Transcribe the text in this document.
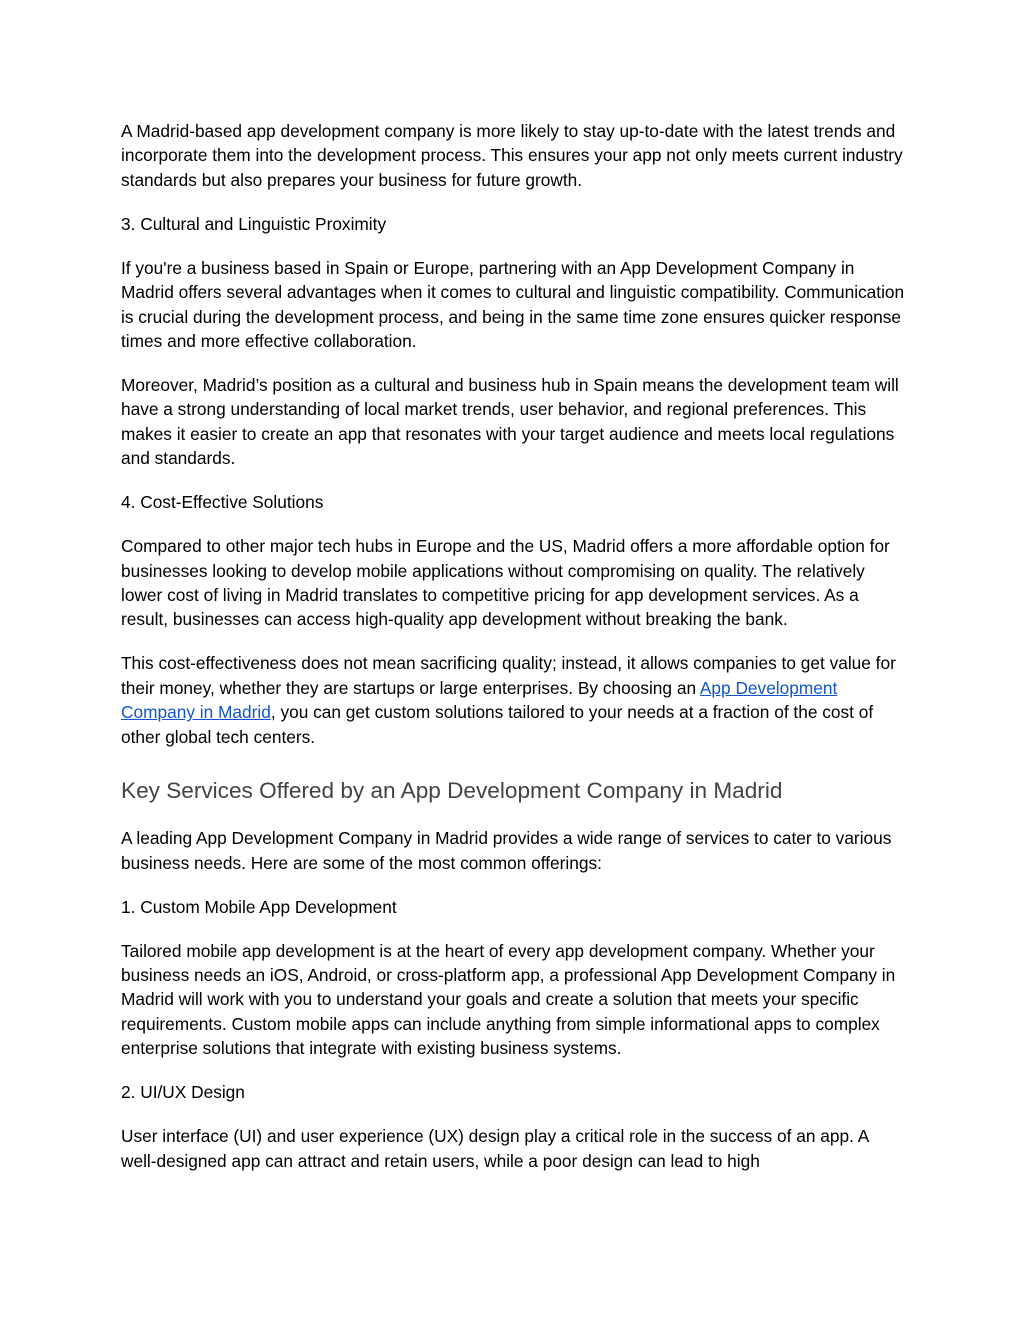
A Madrid-based app development company is more likely to stay up-to-date with the latest trends and incorporate them into the development process. This ensures your app not only meets current industry standards but also prepares your business for future growth.

3. Cultural and Linguistic Proximity

If you're a business based in Spain or Europe, partnering with an App Development Company in Madrid offers several advantages when it comes to cultural and linguistic compatibility. Communication is crucial during the development process, and being in the same time zone ensures quicker response times and more effective collaboration.

Moreover, Madrid’s position as a cultural and business hub in Spain means the development team will have a strong understanding of local market trends, user behavior, and regional preferences. This makes it easier to create an app that resonates with your target audience and meets local regulations and standards.

4. Cost-Effective Solutions

Compared to other major tech hubs in Europe and the US, Madrid offers a more affordable option for businesses looking to develop mobile applications without compromising on quality. The relatively lower cost of living in Madrid translates to competitive pricing for app development services. As a result, businesses can access high-quality app development without breaking the bank.

This cost-effectiveness does not mean sacrificing quality; instead, it allows companies to get value for their money, whether they are startups or large enterprises. By choosing an App Development Company in Madrid, you can get custom solutions tailored to your needs at a fraction of the cost of other global tech centers.

Key Services Offered by an App Development Company in Madrid

A leading App Development Company in Madrid provides a wide range of services to cater to various business needs. Here are some of the most common offerings:

1. Custom Mobile App Development

Tailored mobile app development is at the heart of every app development company. Whether your business needs an iOS, Android, or cross-platform app, a professional App Development Company in Madrid will work with you to understand your goals and create a solution that meets your specific requirements. Custom mobile apps can include anything from simple informational apps to complex enterprise solutions that integrate with existing business systems.

2. UI/UX Design

User interface (UI) and user experience (UX) design play a critical role in the success of an app. A well-designed app can attract and retain users, while a poor design can lead to high
